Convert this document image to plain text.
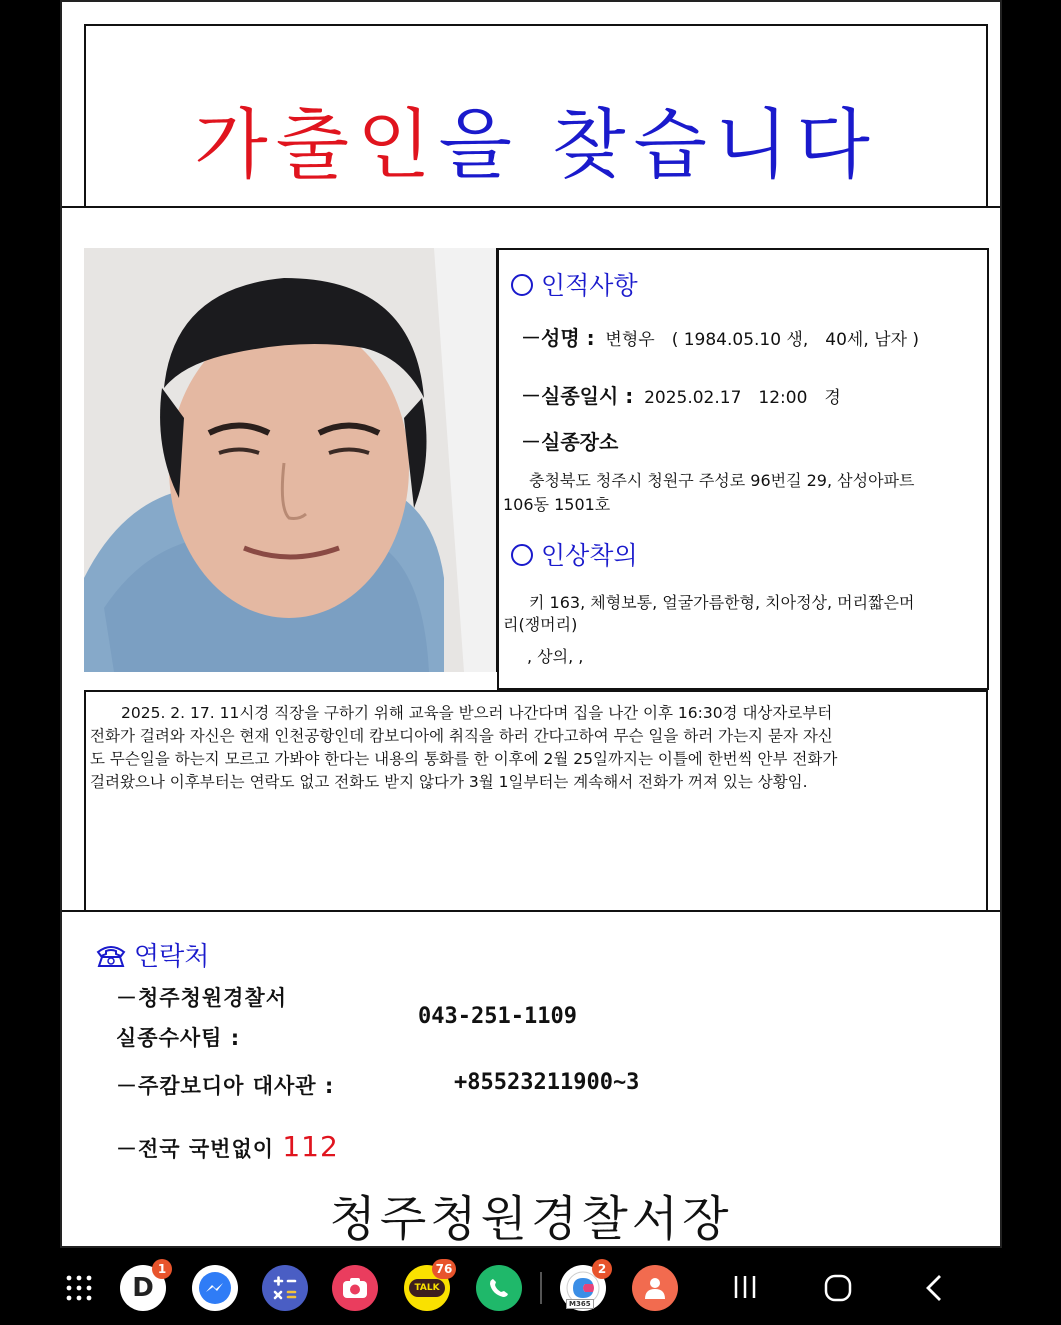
가출인을 찾습니다
인적사항
－성명 : 변형우　( 1984.05.10 생,　40세, 남자 )
－실종일시 : 2025.02.17　12:00　경
－실종장소
충청북도 청주시 청원구 주성로 96번길 29, 삼성아파트
106동 1501호
인상착의
키 163, 체형보통, 얼굴가름한형, 치아정상, 머리짧은머
리(쟁머리)
, 상의, ,
　　2025. 2. 17. 11시경 직장을 구하기 위해 교육을 받으러 나간다며 집을 나간 이후 16:30경 대상자로부터
전화가 걸려와 자신은 현재 인천공항인데 캄보디아에 취직을 하러 간다고하여 무슨 일을 하러 가는지 묻자 자신
도 무슨일을 하는지 모르고 가봐야 한다는 내용의 통화를 한 이후에 2월 25일까지는 이틀에 한번씩 안부 전화가
걸려왔으나 이후부터는 연락도 없고 전화도 받지 않다가 3월 1일부터는 계속해서 전화가 꺼져 있는 상황임.
연락처
－청주청원경찰서
실종수사팀 :
043-251-1109
－주캄보디아 대사관 :	+85523211900~3
－전국 국번없이 112
청주청원경찰서장
D
1
TALK
76
M365
2
